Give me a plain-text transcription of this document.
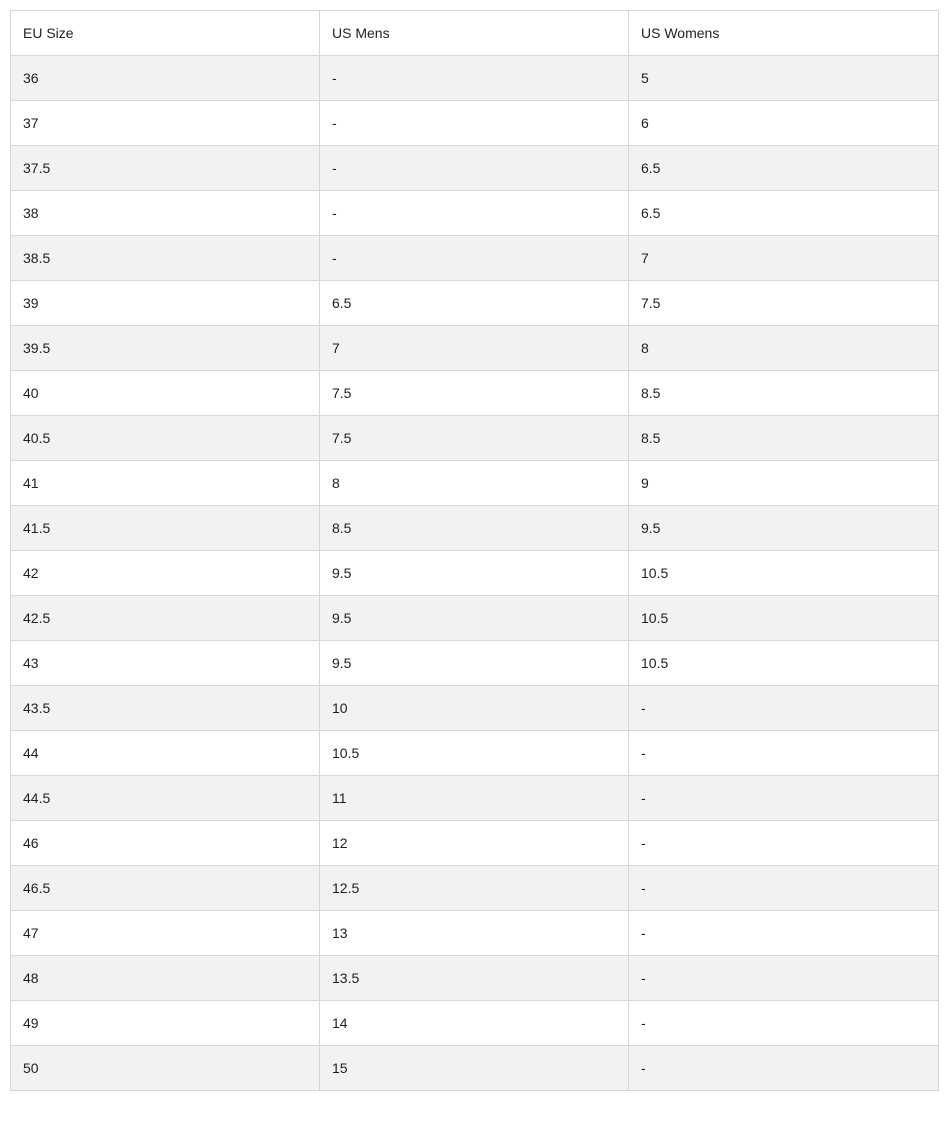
EU Size	US Mens	US Womens
36	-	5
37	-	6
37.5	-	6.5
38	-	6.5
38.5	-	7
39	6.5	7.5
39.5	7	8
40	7.5	8.5
40.5	7.5	8.5
41	8	9
41.5	8.5	9.5
42	9.5	10.5
42.5	9.5	10.5
43	9.5	10.5
43.5	10	-
44	10.5	-
44.5	11	-
46	12	-
46.5	12.5	-
47	13	-
48	13.5	-
49	14	-
50	15	-
